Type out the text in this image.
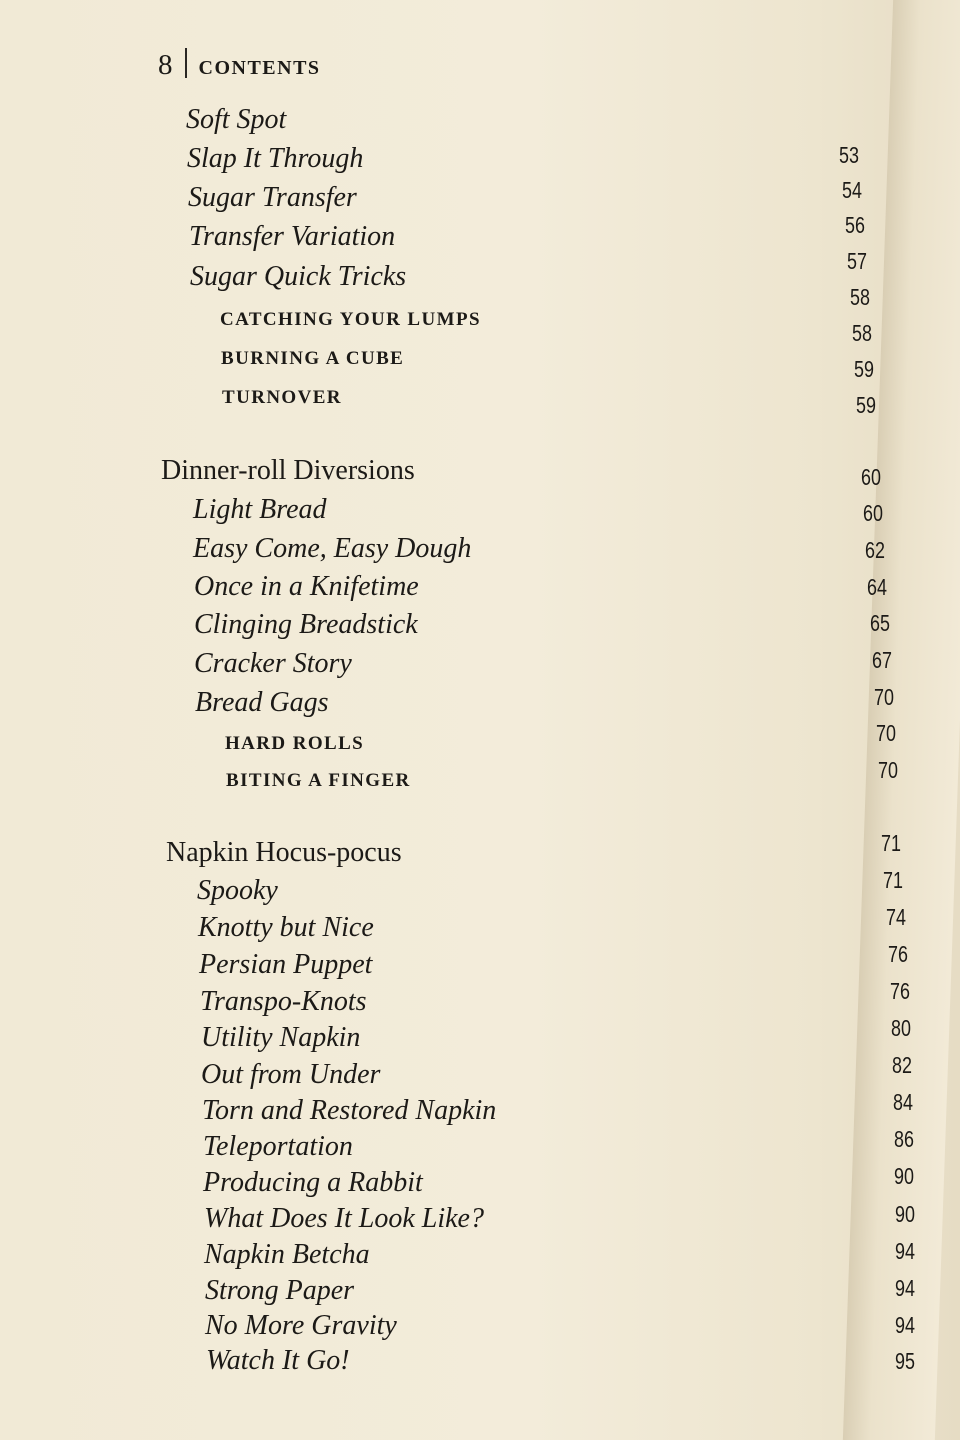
8 CONTENTS
Soft Spot
Slap It Through
Sugar Transfer
Transfer Variation
Sugar Quick Tricks
CATCHING YOUR LUMPS
BURNING A CUBE
TURNOVER
53
54
56
57
58
58
59
59
Dinner-roll Diversions	60
Light Bread
Easy Come, Easy Dough
Once in a Knifetime
Clinging Breadstick
Cracker Story
Bread Gags
HARD ROLLS
BITING A FINGER
60
62
64
65
67
70
70
70
Napkin Hocus-pocus	71
Spooky
Knotty but Nice
Persian Puppet
Transpo-Knots
Utility Napkin
Out from Under
Torn and Restored Napkin
Teleportation
Producing a Rabbit
What Does It Look Like?
Napkin Betcha
Strong Paper
No More Gravity
Watch It Go!
71
74
76
76
80
82
84
86
90
90
94
94
94
95
